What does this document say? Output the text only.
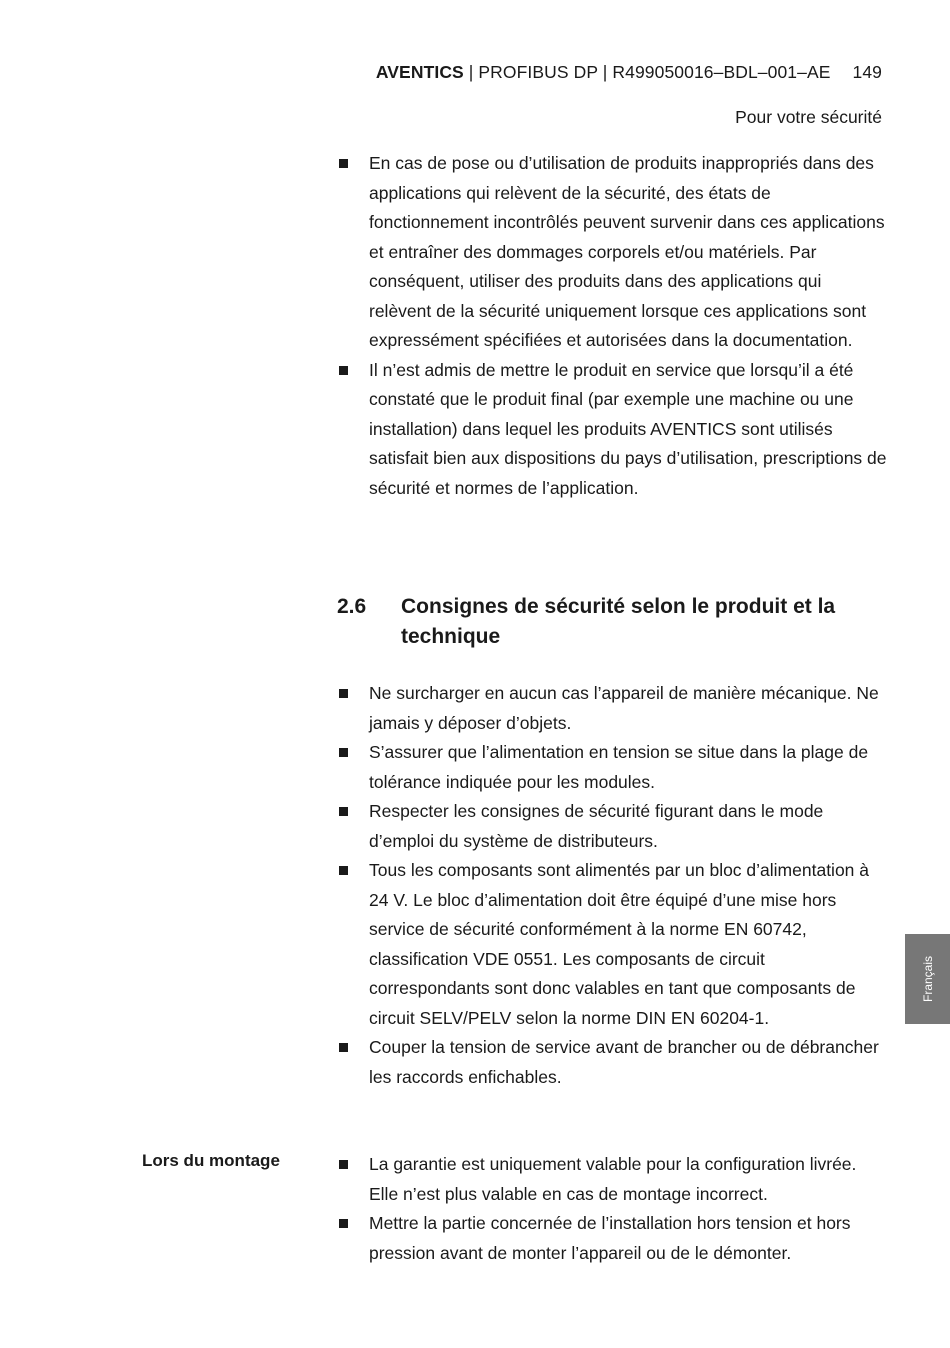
AVENTICS | PROFIBUS DP | R499050016–BDL–001–AE 149
Pour votre sécurité
En cas de pose ou d’utilisation de produits inappropriés dans des applications qui relèvent de la sécurité, des états de fonctionnement incontrôlés peuvent survenir dans ces applications et entraîner des dommages corporels et/ou matériels. Par conséquent, utiliser des produits dans des applications qui relèvent de la sécurité uniquement lorsque ces applications sont expressément spécifiées et autorisées dans la documentation.
Il n’est admis de mettre le produit en service que lorsqu’il a été constaté que le produit final (par exemple une machine ou une installation) dans lequel les produits AVENTICS sont utilisés satisfait bien aux dispositions du pays d’utilisation, prescriptions de sécurité et normes de l’application.
2.6	Consignes de sécurité selon le produit et la technique
Ne surcharger en aucun cas l’appareil de manière mécanique. Ne jamais y déposer d’objets.
S’assurer que l’alimentation en tension se situe dans la plage de tolérance indiquée pour les modules.
Respecter les consignes de sécurité figurant dans le mode d’emploi du système de distributeurs.
Tous les composants sont alimentés par un bloc d’alimentation à 24 V. Le bloc d’alimentation doit être équipé d’une mise hors service de sécurité conformément à la norme EN 60742, classification VDE 0551. Les composants de circuit correspondants sont donc valables en tant que composants de circuit SELV/PELV selon la norme DIN EN 60204-1.
Couper la tension de service avant de brancher ou de débrancher les raccords enfichables.
Lors du montage	La garantie est uniquement valable pour la configuration livrée. Elle n’est plus valable en cas de montage incorrect.
Mettre la partie concernée de l’installation hors tension et hors pression avant de monter l’appareil ou de le démonter.
Français
